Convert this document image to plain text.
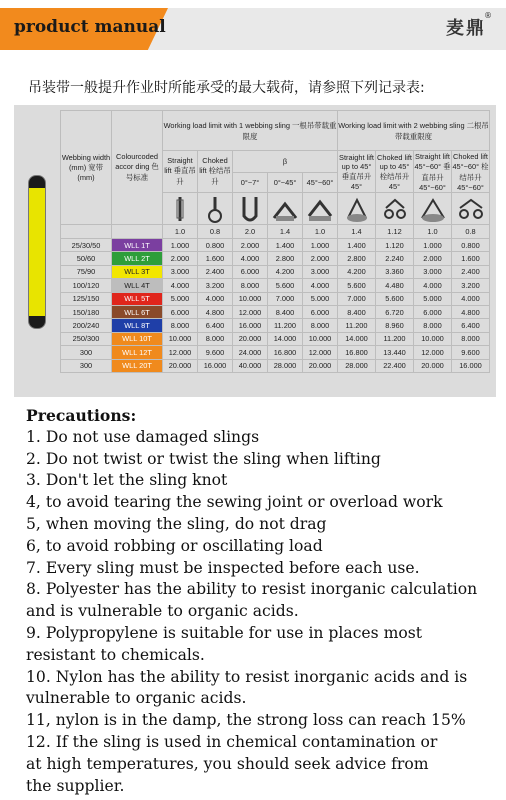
product manual	麦鼎
®
吊装带一般提升作业时所能承受的最大载荷，请参照下列记录表:
Webbing width (mm) 宽带 (mm)	Colourcoded accor ding 色号标准	Working load limit with 1 webbing sling 一根吊带载重限度					Working load limit with 2 webbing sling 二根吊带载重限度			
		Straight lift 垂直吊升	Choked lift 栓结吊升	β			Straight lift up to 45° 垂直吊升 45°	Choked lift up to 45° 栓结吊升 45°	Straight lift 45°~60° 垂直吊升 45°~60°	Choked lift 45°~60° 栓结吊升 45°~60°
				0°~7°	0°~45°	45°~60°				

		1.0	0.8	2.0	1.4	1.0	1.4	1.12	1.0	0.8
25/30/50	WLL 1T	1.000	0.800	2.000	1.400	1.000	1.400	1.120	1.000	0.800
50/60	WLL 2T	2.000	1.600	4.000	2.800	2.000	2.800	2.240	2.000	1.600
75/90	WLL 3T	3.000	2.400	6.000	4.200	3.000	4.200	3.360	3.000	2.400
100/120	WLL 4T	4.000	3.200	8.000	5.600	4.000	5.600	4.480	4.000	3.200
125/150	WLL 5T	5.000	4.000	10.000	7.000	5.000	7.000	5.600	5.000	4.000
150/180	WLL 6T	6.000	4.800	12.000	8.400	6.000	8.400	6.720	6.000	4.800
200/240	WLL 8T	8.000	6.400	16.000	11.200	8.000	11.200	8.960	8.000	6.400
250/300	WLL 10T	10.000	8.000	20.000	14.000	10.000	14.000	11.200	10.000	8.000
300	WLL 12T	12.000	9.600	24.000	16.800	12.000	16.800	13.440	12.000	9.600
300	WLL 20T	20.000	16.000	40.000	28.000	20.000	28.000	22.400	20.000	16.000
Precautions:
1. Do not use damaged slings
2. Do not twist or twist the sling when lifting
3. Don't let the sling knot
4, to avoid tearing the sewing joint or overload work
5, when moving the sling, do not drag
6, to avoid robbing or oscillating load
7. Every sling must be inspected before each use.
8. Polyester has the ability to resist inorganic calculation
and is vulnerable to organic acids.
9. Polypropylene is suitable for use in places most
resistant to chemicals.
10. Nylon has the ability to resist inorganic acids and is
vulnerable to organic acids.
11, nylon is in the damp, the strong loss can reach 15%
12. If the sling is used in chemical contamination or
at high temperatures, you should seek advice from
the supplier.
